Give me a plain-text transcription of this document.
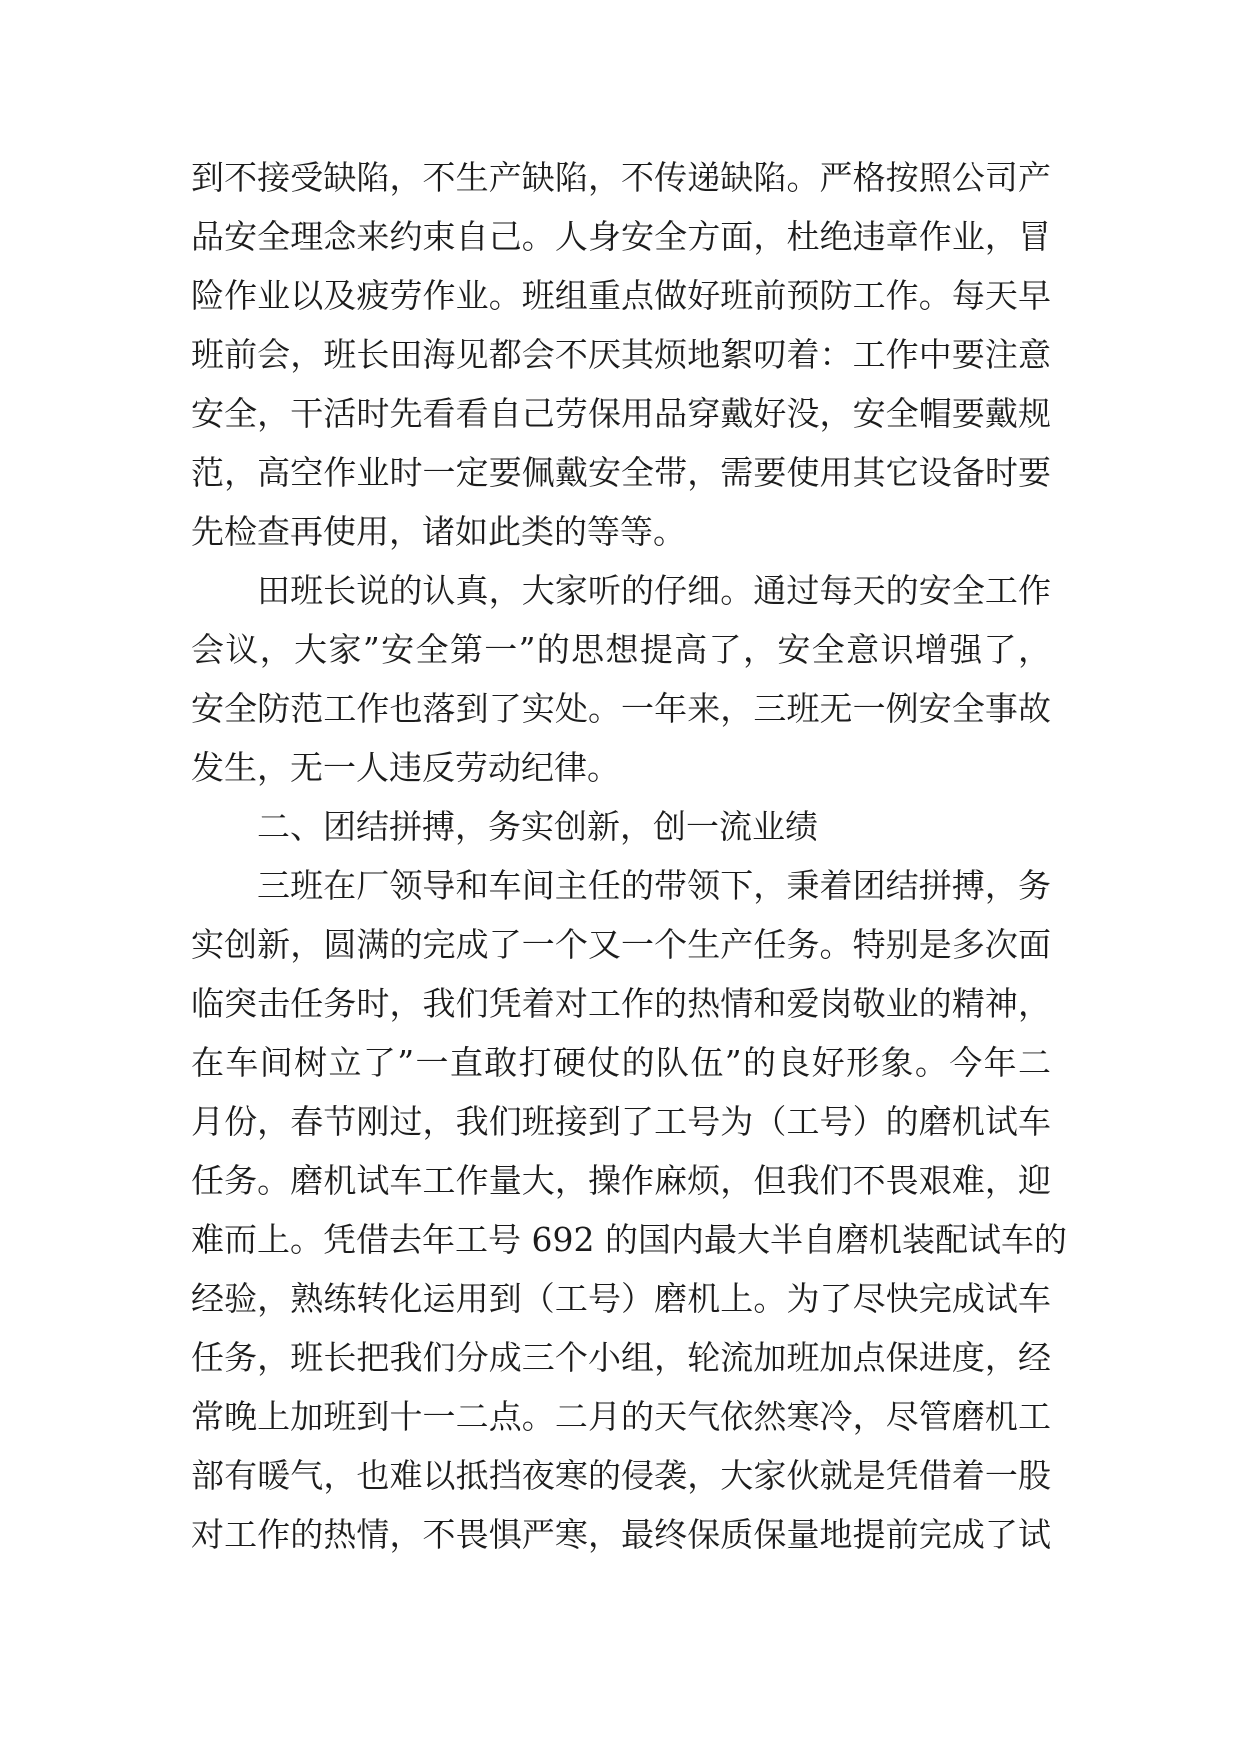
到不接受缺陷，不生产缺陷，不传递缺陷。严格按照公司产
品安全理念来约束自己。人身安全方面，杜绝违章作业，冒
险作业以及疲劳作业。班组重点做好班前预防工作。每天早
班前会，班长田海见都会不厌其烦地絮叨着：工作中要注意
安全，干活时先看看自己劳保用品穿戴好没，安全帽要戴规
范，高空作业时一定要佩戴安全带，需要使用其它设备时要
先检查再使用，诸如此类的等等。
田班长说的认真，大家听的仔细。通过每天的安全工作
会议，大家”安全第一”的思想提高了，安全意识增强了，
安全防范工作也落到了实处。一年来，三班无一例安全事故
发生，无一人违反劳动纪律。
二、团结拼搏，务实创新，创一流业绩
三班在厂领导和车间主任的带领下，秉着团结拼搏，务
实创新，圆满的完成了一个又一个生产任务。特别是多次面
临突击任务时，我们凭着对工作的热情和爱岗敬业的精神，
在车间树立了”一直敢打硬仗的队伍”的良好形象。今年二
月份，春节刚过，我们班接到了工号为（工号）的磨机试车
任务。磨机试车工作量大，操作麻烦，但我们不畏艰难，迎
难而上。凭借去年工号 692 的国内最大半自磨机装配试车的
经验，熟练转化运用到（工号）磨机上。为了尽快完成试车
任务，班长把我们分成三个小组，轮流加班加点保进度，经
常晚上加班到十一二点。二月的天气依然寒冷，尽管磨机工
部有暖气，也难以抵挡夜寒的侵袭，大家伙就是凭借着一股
对工作的热情，不畏惧严寒，最终保质保量地提前完成了试
